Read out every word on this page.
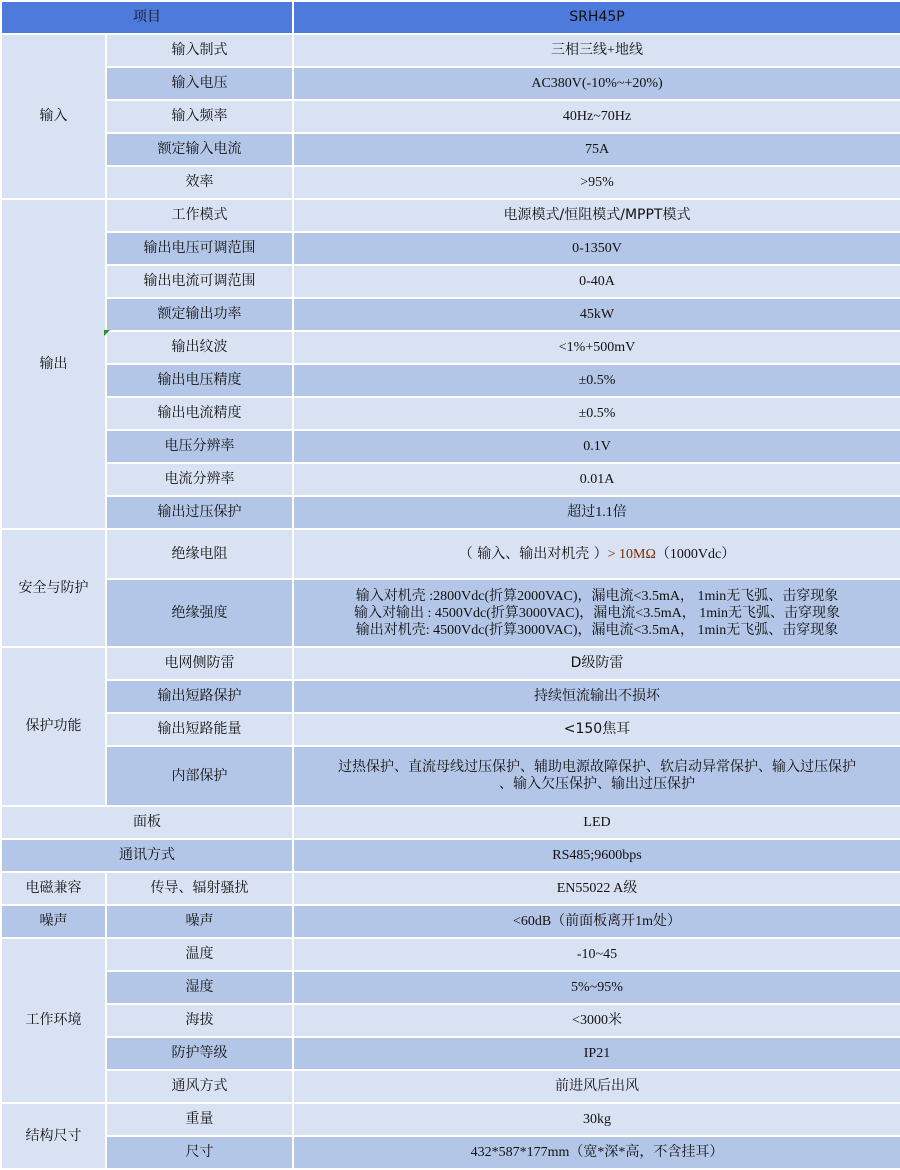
项目		SRH45P
输入	输入制式	三相三线+地线
	输入电压	AC380V(-10%~+20%)
	输入频率	40Hz~70Hz
	额定输入电流	75A
	效率	>95%
输出	工作模式	电源模式/恒阻模式/MPPT模式
	输出电压可调范围	0-1350V
	输出电流可调范围	0-40A
	额定输出功率	45kW
	输出纹波	<1%+500mV
	输出电压精度	±0.5%
	输出电流精度	±0.5%
	电压分辨率	0.1V
	电流分辨率	0.01A
	输出过压保护	超过1.1倍
安全与防护	绝缘电阻	（ 输入、输出对机壳 ）> 10MΩ（1000Vdc）
	绝缘强度	输入对机壳 :2800Vdc(折算2000VAC)，漏电流<3.5mA， 1min无飞弧、击穿现象
输入对输出 : 4500Vdc(折算3000VAC)，漏电流<3.5mA， 1min无飞弧、击穿现象
输出对机壳: 4500Vdc(折算3000VAC)，漏电流<3.5mA， 1min无飞弧、击穿现象

保护功能	电网侧防雷	D级防雷
	输出短路保护	持续恒流输出不损坏
	输出短路能量	<150焦耳
	内部保护	过热保护、直流母线过压保护、辅助电源故障保护、软启动异常保护、输入过压保护
、输入欠压保护、输出过压保护

面板		LED
通讯方式		RS485;9600bps
电磁兼容	传导、辐射骚扰	EN55022 A级
噪声	噪声	<60dB（前面板离开1m处）
工作环境	温度	-10~45
	湿度	5%~95%
	海拔	<3000米
	防护等级	IP21
	通风方式	前进风后出风
结构尺寸	重量	30kg
	尺寸	432*587*177mm（宽*深*高，不含挂耳）
